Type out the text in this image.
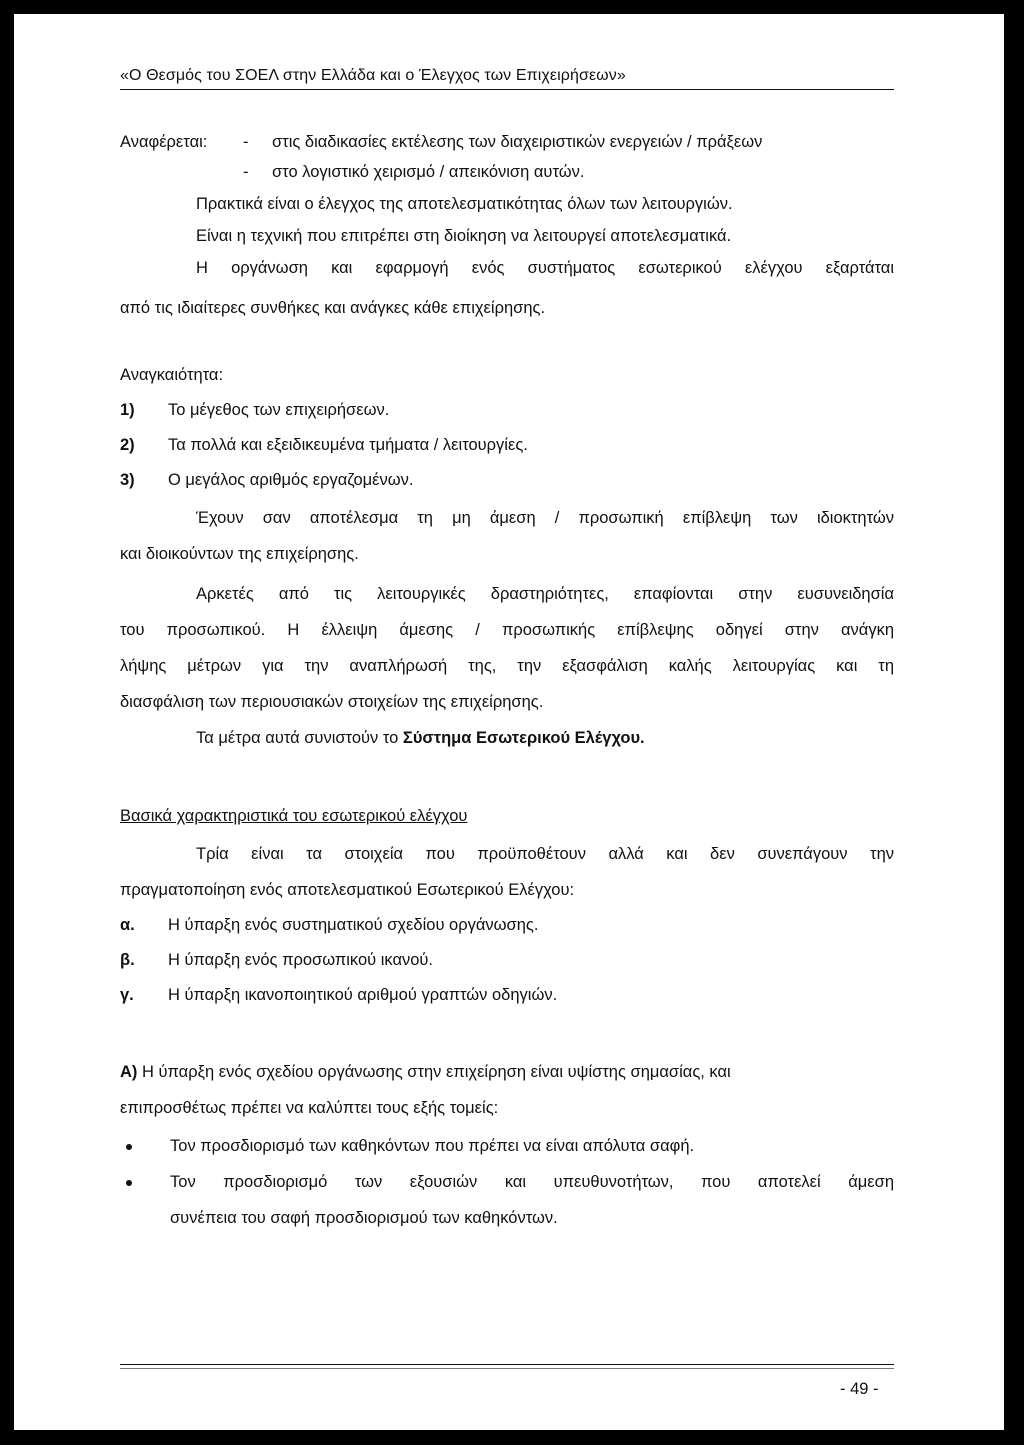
«Ο Θεσμός του ΣΟΕΛ στην Ελλάδα και ο Έλεγχος των Επιχειρήσεων»
Αναφέρεται: - στις διαδικασίες εκτέλεσης των διαχειριστικών ενεργειών / πράξεων
- στο λογιστικό χειρισμό / απεικόνιση αυτών.
Πρακτικά είναι ο έλεγχος της αποτελεσματικότητας όλων των λειτουργιών.
Είναι η τεχνική που επιτρέπει στη διοίκηση να λειτουργεί αποτελεσματικά.
Η οργάνωση και εφαρμογή ενός συστήματος εσωτερικού ελέγχου εξαρτάται
από τις ιδιαίτερες συνθήκες και ανάγκες κάθε επιχείρησης.
Αναγκαιότητα:
1) Το μέγεθος των επιχειρήσεων.
2) Τα πολλά και εξειδικευμένα τμήματα / λειτουργίες.
3) Ο μεγάλος αριθμός εργαζομένων.
Έχουν σαν αποτέλεσμα τη μη άμεση / προσωπική επίβλεψη των ιδιοκτητών
και διοικούντων της επιχείρησης.
Αρκετές από τις λειτουργικές δραστηριότητες, επαφίονται στην ευσυνειδησία
του προσωπικού. Η έλλειψη άμεσης / προσωπικής επίβλεψης οδηγεί στην ανάγκη
λήψης μέτρων για την αναπλήρωσή της, την εξασφάλιση καλής λειτουργίας και τη
διασφάλιση των περιουσιακών στοιχείων της επιχείρησης.
Τα μέτρα αυτά συνιστούν το Σύστημα Εσωτερικού Ελέγχου.
Βασικά χαρακτηριστικά του εσωτερικού ελέγχου
Τρία είναι τα στοιχεία που προϋποθέτουν αλλά και δεν συνεπάγουν την
πραγματοποίηση ενός αποτελεσματικού Εσωτερικού Ελέγχου:
α. Η ύπαρξη ενός συστηματικού σχεδίου οργάνωσης.
β. Η ύπαρξη ενός προσωπικού ικανού.
γ. Η ύπαρξη ικανοποιητικού αριθμού γραπτών οδηγιών.
Α) Η ύπαρξη ενός σχεδίου οργάνωσης στην επιχείρηση είναι υψίστης σημασίας, και
επιπροσθέτως πρέπει να καλύπτει τους εξής τομείς:
Τον προσδιορισμό των καθηκόντων που πρέπει να είναι απόλυτα σαφή.
Τον προσδιορισμό των εξουσιών και υπευθυνοτήτων, που αποτελεί άμεση
συνέπεια του σαφή προσδιορισμού των καθηκόντων.
- 49 -
